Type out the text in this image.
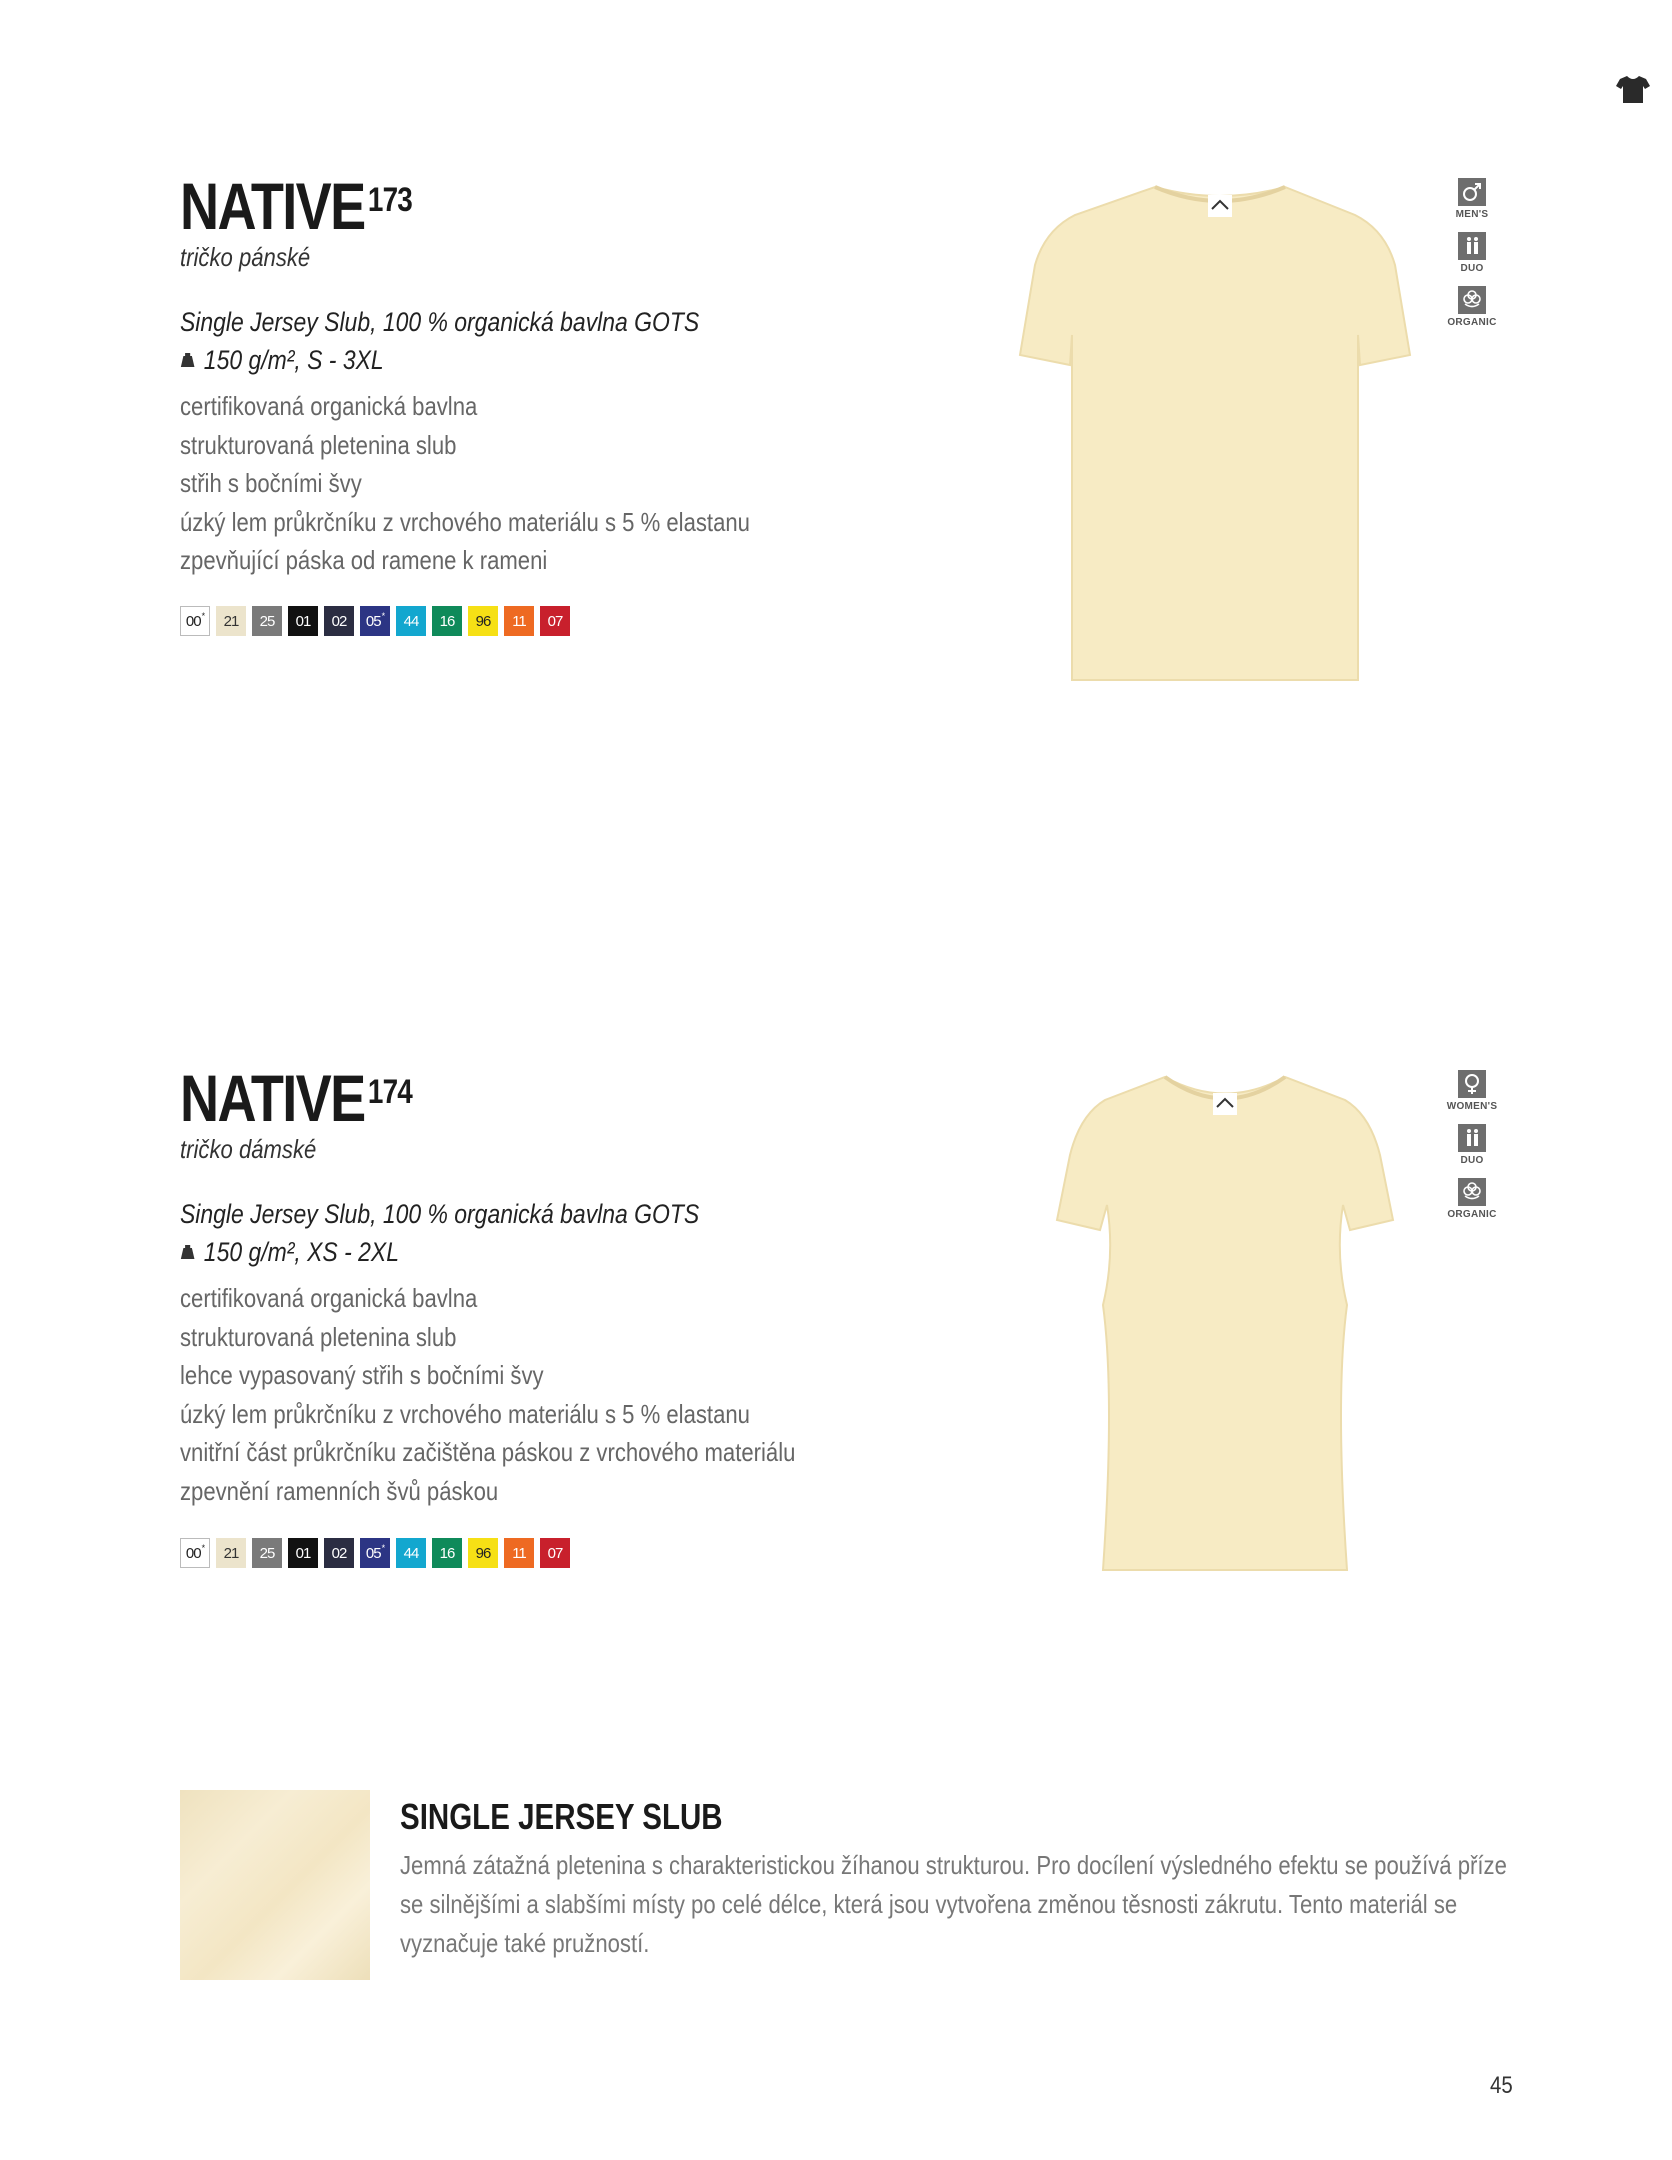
NATIVE$^{173}$
tričko pánské
Single Jersey Slub, 100 % organická bavlna GOTS
150 g/m², S - 3XL
certifikovaná organická bavlna
strukturovaná pletenina slub
střih s bočními švy
úzký lem průkrčníku z vrchového materiálu s 5 % elastanu
zpevňující páska od ramene k rameni
00* 21 25 01 02 05* 44 16 96 11 07
MEN'S
DUO
ORGANIC
NATIVE$^{174}$
tričko dámské
Single Jersey Slub, 100 % organická bavlna GOTS
150 g/m², XS - 2XL
certifikovaná organická bavlna
strukturovaná pletenina slub
lehce vypasovaný střih s bočními švy
úzký lem průkrčníku z vrchového materiálu s 5 % elastanu
vnitřní část průkrčníku začištěna páskou z vrchového materiálu
zpevnění ramenních švů páskou
00* 21 25 01 02 05* 44 16 96 11 07
WOMEN'S
DUO
ORGANIC
SINGLE JERSEY SLUB
Jemná zátažná pletenina s charakteristickou žíhanou strukturou. Pro docílení výsledného efektu se používá příze
se silnějšími a slabšími místy po celé délce, která jsou vytvořena změnou těsnosti zákrutu. Tento materiál se
vyznačuje také pružností.
45
